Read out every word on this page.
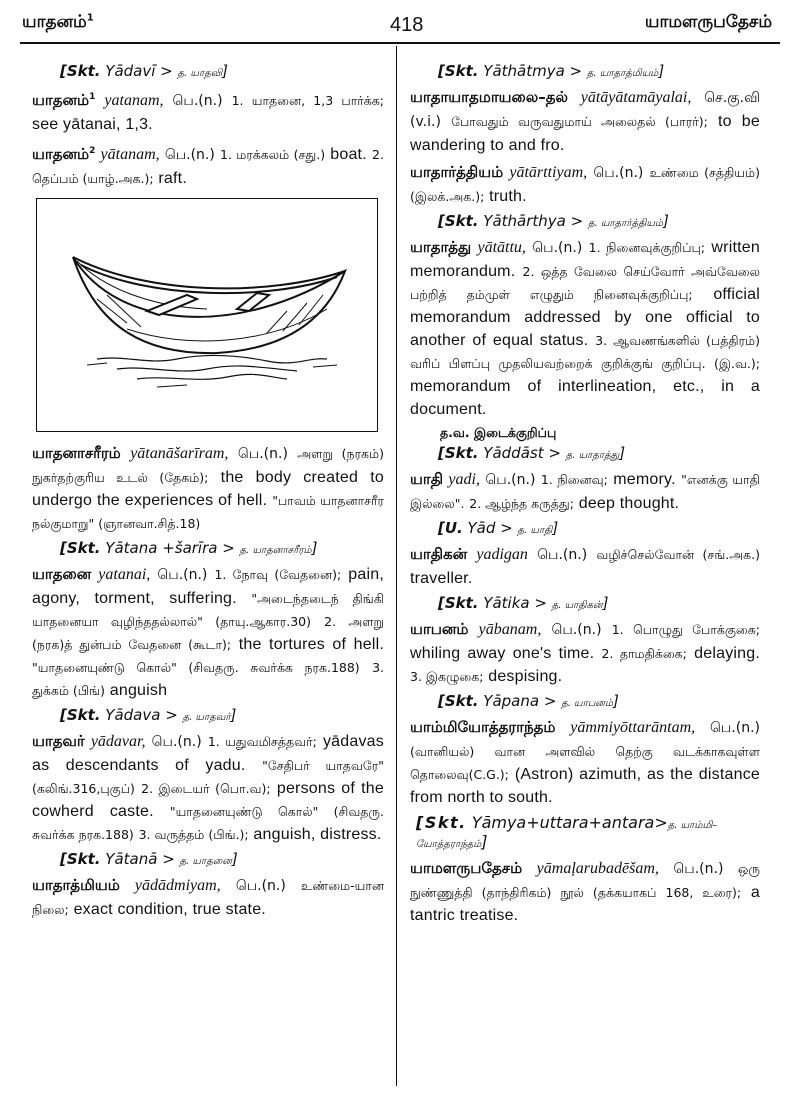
யாதனம்$^1$	418	யாமளருபதேசம்
[Skt. Yādavī > த. யாதவி]

யாதனம்$^1$ yatanam, பெ.(n.) 1. யாதனை, 1,3 பார்க்க; see yātanai, 1,3.

யாதனம்$^2$ yātanam, பெ.(n.) 1. மரக்கலம் (சது.) boat. 2. தெப்பம் (யாழ்.அக.); raft.

யாதனாசரீரம் yātanāšarīram, பெ.(n.) அளறு (நரகம்) நுகர்தற்குரிய உடல் (தேகம்); the body created to undergo the experiences of hell. "பாவம் யாதனாசரீர நல்குமாறு" (ஞானவா.சித்.18)

[Skt. Yātana +šarīra > த. யாதனாசரீரம்]

யாதனை yatanai, பெ.(n.) 1. நோவு (வேதனை); pain, agony, torment, suffering. "அடைந்தடைந் திங்கி யாதனையா வுழிந்ததல்லால்" (தாயு.ஆகார.30) 2. அளறு (நரக)த் துன்பம் வேதனை (கூடா); the tortures of hell. "யாதனையுண்டு கொல்" (சிவதரு. சுவர்க்க நரக.188) 3. துக்கம் (பிங்) anguish

[Skt. Yādava > த. யாதவர்]

யாதவர் yādavar, பெ.(n.) 1. யதுவமிசத்தவர்; yādavas as descendants of yadu. "சேதிபர் யாதவரே" (கலிங்.316,புகுப்) 2. இடையர் (பொ.வ); persons of the cowherd caste. "யாதனையுண்டு கொல்" (சிவதரு. சுவர்க்க நரக.188) 3. வருத்தம் (பிங்.); anguish, distress.

[Skt. Yātanā > த. யாதனை]

யாதாத்மியம் yādādmiyam, பெ.(n.) உண்மை-யான நிலை; exact condition, true state.

[Skt. Yāthātmya > த. யாதாத்மியம்]

யாதாயாதமாயலை–தல் yātāyātamāyalai, செ.கு.வி (v.i.) போவதும் வருவதுமாய் அலைதல் (பாரர்); to be wandering to and fro.

யாதார்த்தியம் yātārttiyam, பெ.(n.) உண்மை (சத்தியம்) (இலக்.அக.); truth.

[Skt. Yāthārthya > த. யாதார்த்தியம்]

யாதாத்து yātāttu, பெ.(n.) 1. நினைவுக்குறிப்பு; written memorandum. 2. ஒத்த வேலை செய்வோர் அவ்வேலை பற்றித் தம்முள் எழுதும் நினைவுக்குறிப்பு; official memorandum addressed by one official to another of equal status. 3. ஆவணங்களில் (பத்திரம்) வரிப் பிளப்பு முதலியவற்றைக் குறிக்குங் குறிப்பு. (இ.வ.); memorandum of interlineation, etc., in a document.

த.வ. இடைக்குறிப்பு
[Skt. Yāddāst > த. யாதாத்து]

யாதி yadi, பெ.(n.) 1. நினைவு; memory. "எனக்கு யாதி இல்லை". 2. ஆழ்ந்த கருத்து; deep thought.

[U. Yād > த. யாதி]

யாதிகன் yadigan பெ.(n.) வழிச்செல்வோன் (சங்.அக.) traveller.

[Skt. Yātika > த. யாதிகன்]

யாபனம் yābanam, பெ.(n.) 1. பொழுது போக்குகை; whiling away one's time. 2. தாமதிக்கை; delaying. 3. இகழுகை; despising.

[Skt. Yāpana > த. யாபனம்]

யாம்மியோத்தராந்தம் yāmmiyōttarāntam, பெ.(n.) (வானியல்) வான அளவில் தெற்கு வடக்காகவுள்ள தொலைவு(C.G.); (Astron) azimuth, as the distance from north to south.

[Skt. Yāmya+uttara+antara>த. யாம்மி–யோத்தராந்தம்]

யாமளருபதேசம் yāmaļarubadēšam, பெ.(n.) ஒரு நுண்ணுத்தி (தாந்திரிகம்) நூல் (தக்கயாகப் 168, உரை); a tantric treatise.
